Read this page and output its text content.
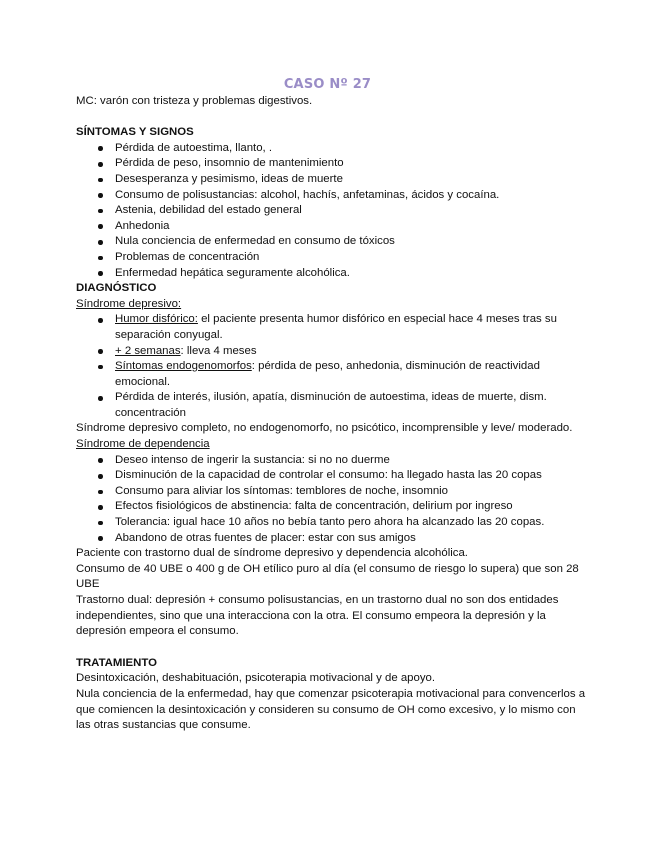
CASO Nº 27

MC: varón con tristeza y problemas digestivos.

SÍNTOMAS Y SIGNOS

Pérdida de autoestima, llanto, .
Pérdida de peso, insomnio de mantenimiento
Desesperanza y pesimismo, ideas de muerte
Consumo de polisustancias: alcohol, hachís, anfetaminas, ácidos y cocaína.
Astenia, debilidad del estado general
Anhedonia
Nula conciencia de enfermedad en consumo de tóxicos
Problemas de concentración
Enfermedad hepática seguramente alcohólica.

DIAGNÓSTICO

Síndrome depresivo:

Humor disfórico: el paciente presenta humor disfórico en especial hace 4 meses tras su separación conyugal.
+ 2 semanas: lleva 4 meses
Síntomas endogenomorfos: pérdida de peso, anhedonia, disminución de reactividad emocional.
Pérdida de interés, ilusión, apatía, disminución de autoestima, ideas de muerte, dism. concentración

Síndrome depresivo completo, no endogenomorfo, no psicótico, incomprensible y leve/ moderado.

Síndrome de dependencia

Deseo intenso de ingerir la sustancia: si no no duerme
Disminución de la capacidad de controlar el consumo: ha llegado hasta las 20 copas
Consumo para aliviar los síntomas: temblores de noche, insomnio
Efectos fisiológicos de abstinencia: falta de concentración, delirium por ingreso
Tolerancia: igual hace 10 años no bebía tanto pero ahora ha alcanzado las 20 copas.
Abandono de otras fuentes de placer: estar con sus amigos

Paciente con trastorno dual de síndrome depresivo y dependencia alcohólica.

Consumo de 40 UBE o 400 g de OH etílico puro al día (el consumo de riesgo lo supera) que son 28 UBE

Trastorno dual: depresión + consumo polisustancias, en un trastorno dual no son dos entidades independientes, sino que una interacciona con la otra. El consumo empeora la depresión y la depresión empeora el consumo.

TRATAMIENTO

Desintoxicación, deshabituación, psicoterapia motivacional y de apoyo.

Nula conciencia de la enfermedad, hay que comenzar psicoterapia motivacional para convencerlos a que comiencen la desintoxicación y consideren su consumo de OH como excesivo, y lo mismo con las otras sustancias que consume.
